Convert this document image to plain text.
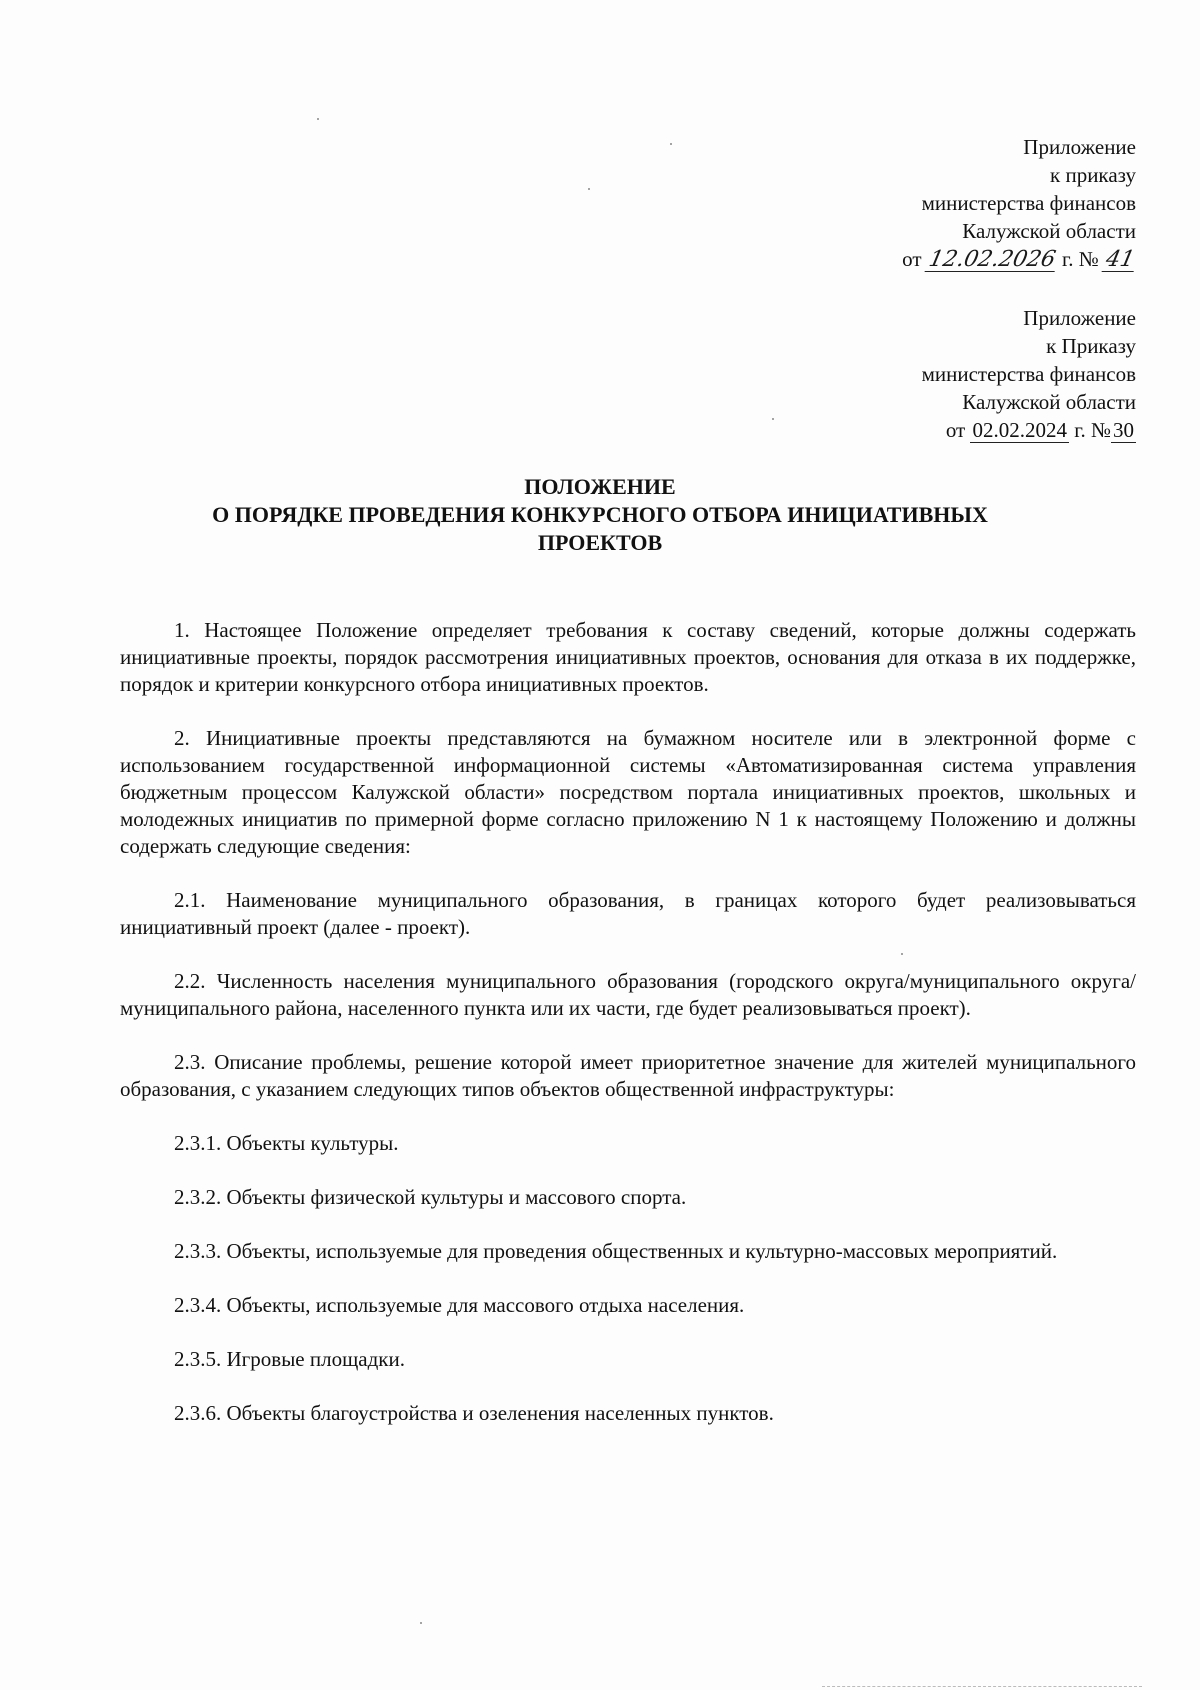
Приложение
к приказу
министерства финансов
Калужской области
от 12.02.2026 г. № 41
Приложение
к Приказу
министерства финансов
Калужской области
от 02.02.2024 г. №30
ПОЛОЖЕНИЕ
О ПОРЯДКЕ ПРОВЕДЕНИЯ КОНКУРСНОГО ОТБОРА ИНИЦИАТИВНЫХ
ПРОЕКТОВ

1. Настоящее Положение определяет требования к составу сведений, которые должны содержать инициативные проекты, порядок рассмотрения инициативных проектов, основания для отказа в их поддержке, порядок и критерии конкурсного отбора инициативных проектов.

2. Инициативные проекты представляются на бумажном носителе или в электронной форме с использованием государственной информационной системы «Автоматизированная система управления бюджетным процессом Калужской области» посредством портала инициативных проектов, школьных и молодежных инициатив по примерной форме согласно приложению N 1 к настоящему Положению и должны содержать следующие сведения:

2.1. Наименование муниципального образования, в границах которого будет реализовываться инициативный проект (далее - проект).

2.2. Численность населения муниципального образования (городского округа/муниципального округа/муниципального района, населенного пункта или их части, где будет реализовываться проект).

2.3. Описание проблемы, решение которой имеет приоритетное значение для жителей муниципального образования, с указанием следующих типов объектов общественной инфраструктуры:

2.3.1. Объекты культуры.

2.3.2. Объекты физической культуры и массового спорта.

2.3.3. Объекты, используемые для проведения общественных и культурно-массовых мероприятий.

2.3.4. Объекты, используемые для массового отдыха населения.

2.3.5. Игровые площадки.

2.3.6. Объекты благоустройства и озеленения населенных пунктов.
